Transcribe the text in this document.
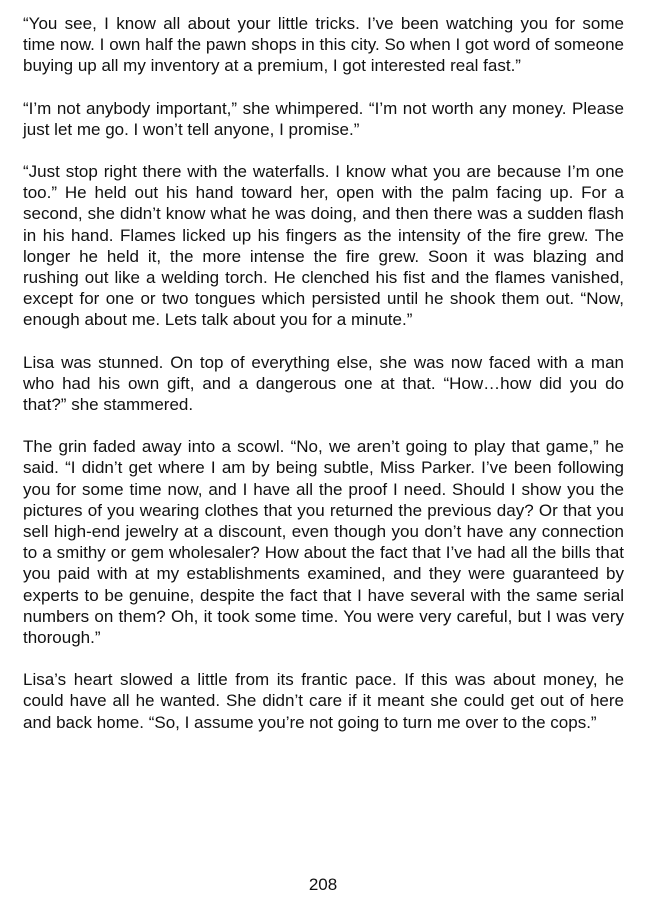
“You see, I know all about your little tricks. I’ve been watching you for some time now. I own half the pawn shops in this city. So when I got word of someone buying up all my inventory at a premium, I got interested real fast.”

“I’m not anybody important,” she whimpered. “I’m not worth any money. Please just let me go. I won’t tell anyone, I promise.”

“Just stop right there with the waterfalls. I know what you are because I’m one too.” He held out his hand toward her, open with the palm facing up. For a second, she didn’t know what he was doing, and then there was a sudden flash in his hand. Flames licked up his fingers as the intensity of the fire grew. The longer he held it, the more intense the fire grew. Soon it was blazing and rushing out like a welding torch. He clenched his fist and the flames vanished, except for one or two tongues which persisted until he shook them out. “Now, enough about me. Lets talk about you for a minute.”

Lisa was stunned. On top of everything else, she was now faced with a man who had his own gift, and a dangerous one at that. “How…how did you do that?” she stammered.

The grin faded away into a scowl. “No, we aren’t going to play that game,” he said. “I didn’t get where I am by being subtle, Miss Parker. I’ve been following you for some time now, and I have all the proof I need. Should I show you the pictures of you wearing clothes that you returned the previous day? Or that you sell high-end jewelry at a discount, even though you don’t have any connection to a smithy or gem wholesaler? How about the fact that I’ve had all the bills that you paid with at my establishments examined, and they were guaranteed by experts to be genuine, despite the fact that I have several with the same serial numbers on them? Oh, it took some time. You were very careful, but I was very thorough.”

Lisa’s heart slowed a little from its frantic pace. If this was about money, he could have all he wanted. She didn’t care if it meant she could get out of here and back home. “So, I assume you’re not going to turn me over to the cops.”

208
